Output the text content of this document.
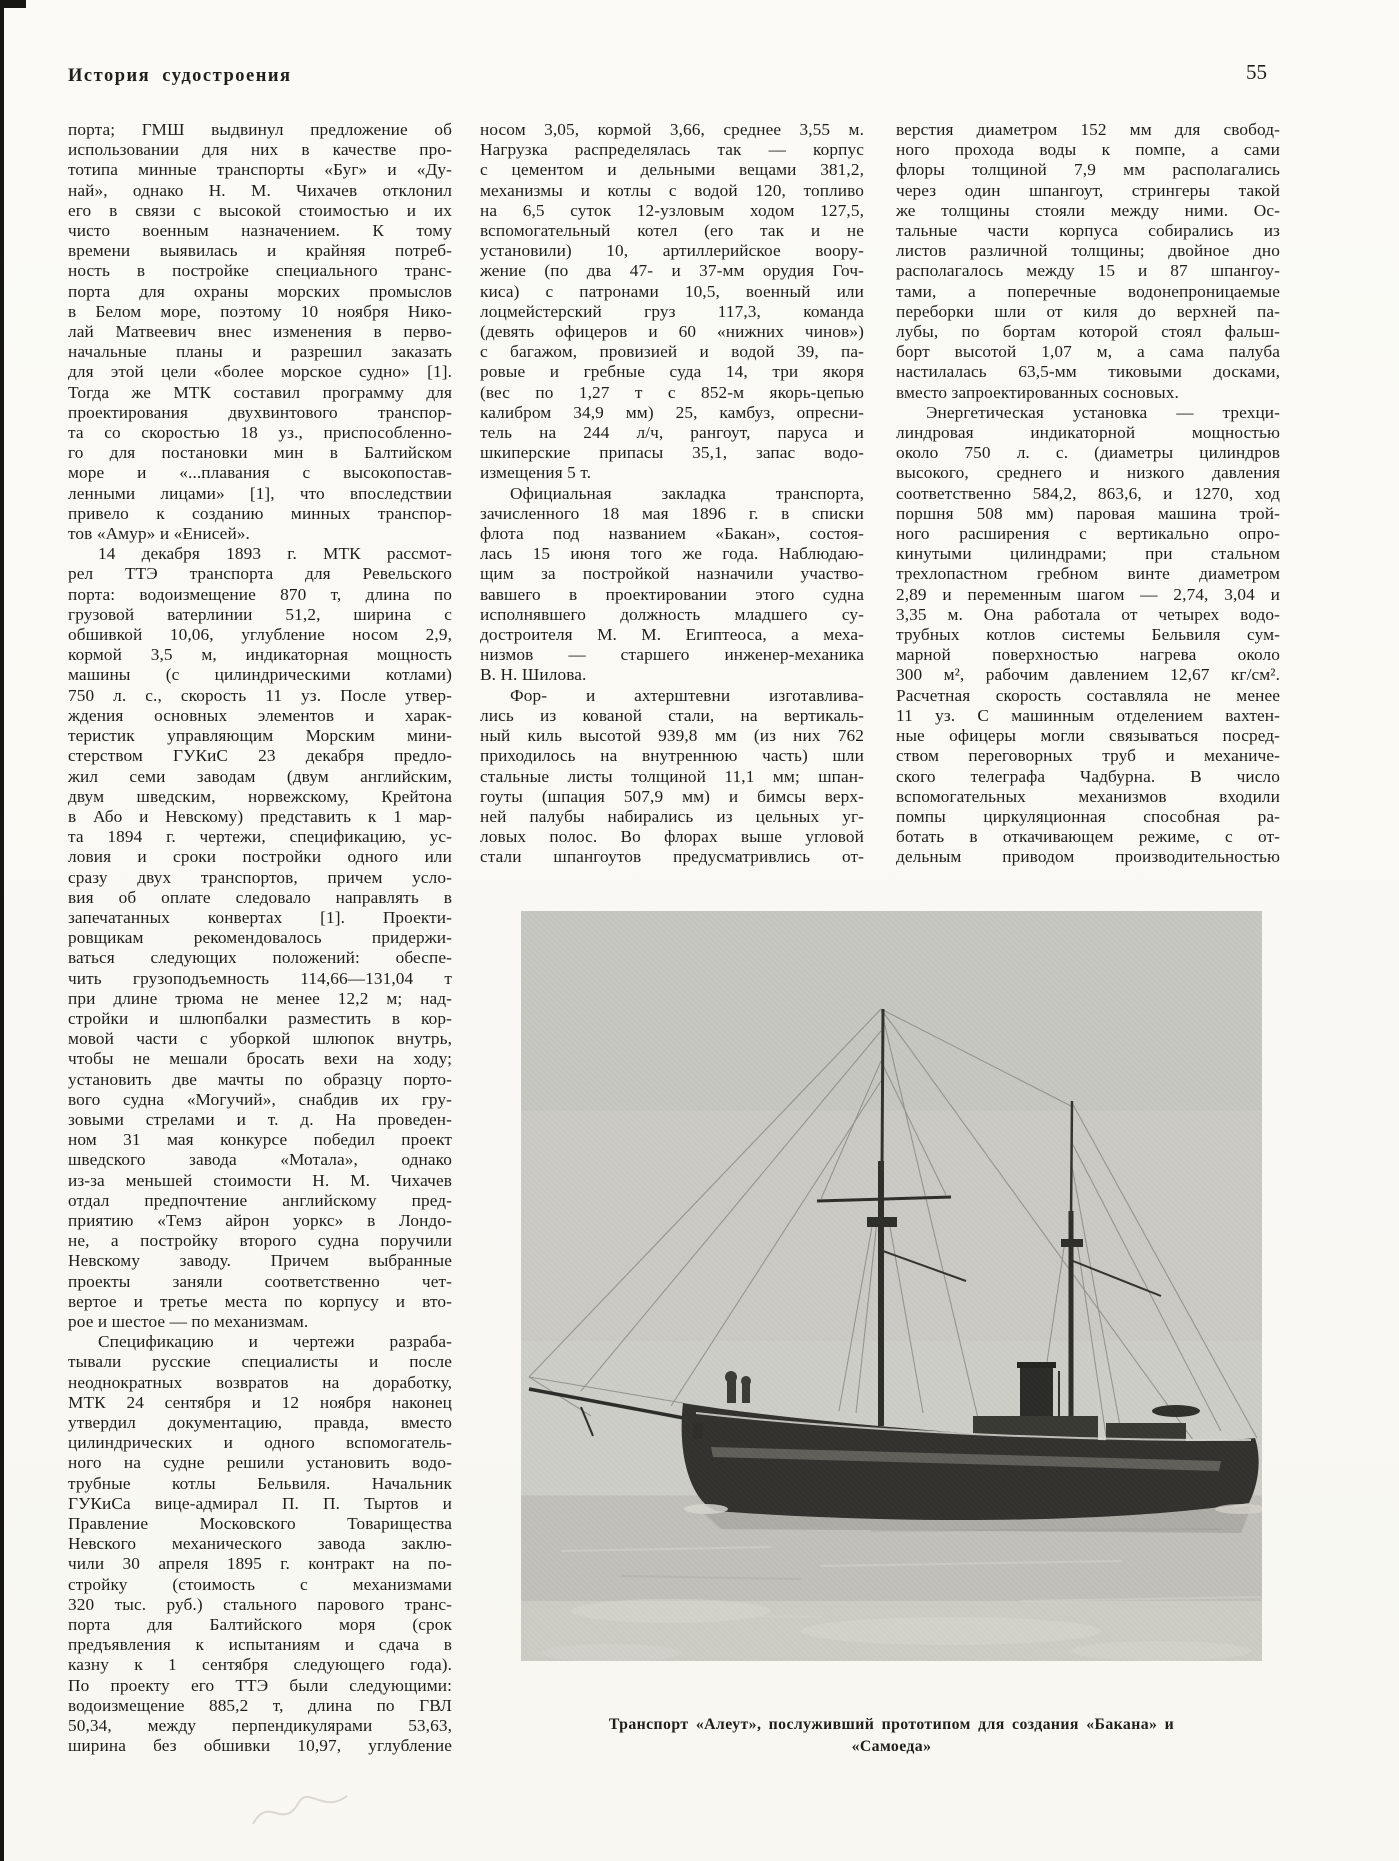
История судостроения	55
порта; ГМШ выдвинул предложение об
использовании для них в качестве про-
тотипа минные транспорты «Буг» и «Ду-
най», однако Н. М. Чихачев отклонил
его в связи с высокой стоимостью и их
чисто военным назначением. К тому
времени выявилась и крайняя потреб-
ность в постройке специального транс-
порта для охраны морских промыслов
в Белом море, поэтому 10 ноября Нико-
лай Матвеевич внес изменения в перво-
начальные планы и разрешил заказать
для этой цели «более морское судно» [1].
Тогда же МТК составил программу для
проектирования двухвинтового транспор-
та со скоростью 18 уз., приспособленно-
го для постановки мин в Балтийском
море и «...плавания с высокопостав-
ленными лицами» [1], что впоследствии
привело к созданию минных транспор-
тов «Амур» и «Енисей».
14 декабря 1893 г. МТК рассмот-
рел ТТЭ транспорта для Ревельского
порта: водоизмещение 870 т, длина по
грузовой ватерлинии 51,2, ширина с
обшивкой 10,06, углубление носом 2,9,
кормой 3,5 м, индикаторная мощность
машины (с цилиндрическими котлами)
750 л. с., скорость 11 уз. После утвер-
ждения основных элементов и харак-
теристик управляющим Морским мини-
стерством ГУКиС 23 декабря предло-
жил семи заводам (двум английским,
двум шведским, норвежскому, Крейтона
в Або и Невскому) представить к 1 мар-
та 1894 г. чертежи, спецификацию, ус-
ловия и сроки постройки одного или
сразу двух транспортов, причем усло-
вия об оплате следовало направлять в
запечатанных конвертах [1]. Проекти-
ровщикам рекомендовалось придержи-
ваться следующих положений: обеспе-
чить грузоподъемность 114,66—131,04 т
при длине трюма не менее 12,2 м; над-
стройки и шлюпбалки разместить в кор-
мовой части с уборкой шлюпок внутрь,
чтобы не мешали бросать вехи на ходу;
установить две мачты по образцу порто-
вого судна «Могучий», снабдив их гру-
зовыми стрелами и т. д. На проведен-
ном 31 мая конкурсе победил проект
шведского завода «Мотала», однако
из-за меньшей стоимости Н. М. Чихачев
отдал предпочтение английскому пред-
приятию «Темз айрон уоркс» в Лондо-
не, а постройку второго судна поручили
Невскому заводу. Причем выбранные
проекты заняли соответственно чет-
вертое и третье места по корпусу и вто-
рое и шестое — по механизмам.
Спецификацию и чертежи разраба-
тывали русские специалисты и после
неоднократных возвратов на доработку,
МТК 24 сентября и 12 ноября наконец
утвердил документацию, правда, вместо
цилиндрических и одного вспомогатель-
ного на судне решили установить водо-
трубные котлы Бельвиля. Начальник
ГУКиСа вице-адмирал П. П. Тыртов и
Правление Московского Товарищества
Невского механического завода заклю-
чили 30 апреля 1895 г. контракт на по-
стройку (стоимость с механизмами
320 тыс. руб.) стального парового транс-
порта для Балтийского моря (срок
предъявления к испытаниям и сдача в
казну к 1 сентября следующего года).
По проекту его ТТЭ были следующими:
водоизмещение 885,2 т, длина по ГВЛ
50,34, между перпендикулярами 53,63,
ширина без обшивки 10,97, углубление
носом 3,05, кормой 3,66, среднее 3,55 м.
Нагрузка распределялась так — корпус
с цементом и дельными вещами 381,2,
механизмы и котлы с водой 120, топливо
на 6,5 суток 12-узловым ходом 127,5,
вспомогательный котел (его так и не
установили) 10, артиллерийское воору-
жение (по два 47- и 37-мм орудия Гоч-
киса) с патронами 10,5, военный или
лоцмейстерский груз 117,3, команда
(девять офицеров и 60 «нижних чинов»)
с багажом, провизией и водой 39, па-
ровые и гребные суда 14, три якоря
(вес по 1,27 т с 852-м якорь-цепью
калибром 34,9 мм) 25, камбуз, опресни-
тель на 244 л/ч, рангоут, паруса и
шкиперские припасы 35,1, запас водо-
измещения 5 т.
Официальная закладка транспорта,
зачисленного 18 мая 1896 г. в списки
флота под названием «Бакан», состоя-
лась 15 июня того же года. Наблюдаю-
щим за постройкой назначили участво-
вавшего в проектировании этого судна
исполнявшего должность младшего су-
достроителя М. М. Египтеоса, а меха-
низмов — старшего инженер-механика
В. Н. Шилова.
Фор- и ахтерштевни изготавлива-
лись из кованой стали, на вертикаль-
ный киль высотой 939,8 мм (из них 762
приходилось на внутреннюю часть) шли
стальные листы толщиной 11,1 мм; шпан-
гоуты (шпация 507,9 мм) и бимсы верх-
ней палубы набирались из цельных уг-
ловых полос. Во флорах выше угловой
стали шпангоутов предусматривлись от-
верстия диаметром 152 мм для свобод-
ного прохода воды к помпе, а сами
флоры толщиной 7,9 мм располагались
через один шпангоут, стрингеры такой
же толщины стояли между ними. Ос-
тальные части корпуса собирались из
листов различной толщины; двойное дно
располагалось между 15 и 87 шпангоу-
тами, а поперечные водонепроницаемые
переборки шли от киля до верхней па-
лубы, по бортам которой стоял фальш-
борт высотой 1,07 м, а сама палуба
настилалась 63,5-мм тиковыми досками,
вместо запроектированных сосновых.
Энергетическая установка — трехци-
линдровая индикаторной мощностью
около 750 л. с. (диаметры цилиндров
высокого, среднего и низкого давления
соответственно 584,2, 863,6, и 1270, ход
поршня 508 мм) паровая машина трой-
ного расширения с вертикально опро-
кинутыми цилиндрами; при стальном
трехлопастном гребном винте диаметром
2,89 и переменным шагом — 2,74, 3,04 и
3,35 м. Она работала от четырех водо-
трубных котлов системы Бельвиля сум-
марной поверхностью нагрева около
300 м², рабочим давлением 12,67 кг/см².
Расчетная скорость составляла не менее
11 уз. С машинным отделением вахтен-
ные офицеры могли связываться посред-
ством переговорных труб и механиче-
ского телеграфа Чадбурна. В число
вспомогательных механизмов входили
помпы циркуляционная способная ра-
ботать в откачивающем режиме, с от-
дельным приводом производительностью
Транспорт «Алеут», послуживший прототипом для создания «Бакана» и
«Самоеда»
